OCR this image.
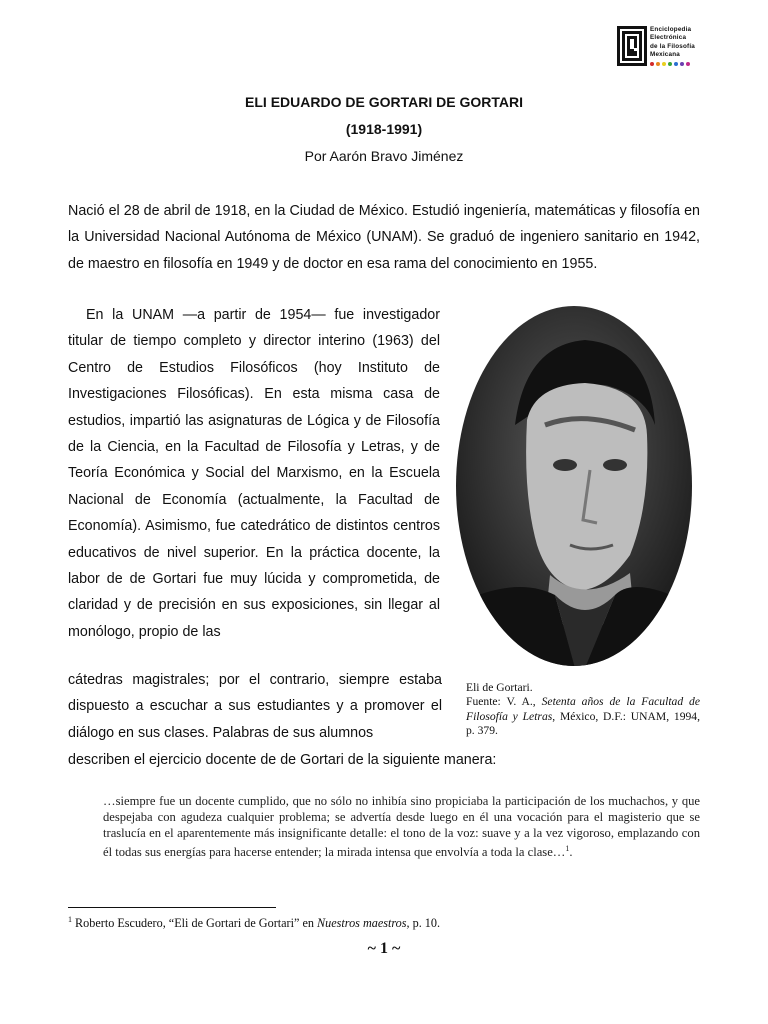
Enciclopedia
Electrónica
de la Filosofía
Mexicana
ELI EDUARDO DE GORTARI DE GORTARI
(1918-1991)
Por Aarón Bravo Jiménez
Nació el 28 de abril de 1918, en la Ciudad de México. Estudió ingeniería, matemáticas y filosofía en la Universidad Nacional Autónoma de México (UNAM). Se graduó de ingeniero sanitario en 1942, de maestro en filosofía en 1949 y de doctor en esa rama del conocimiento en 1955.
En la UNAM —a partir de 1954— fue investigador titular de tiempo completo y director interino (1963) del Centro de Estudios Filosóficos (hoy Instituto de Investigaciones Filosóficas). En esta misma casa de estudios, impartió las asignaturas de Lógica y de Filosofía de la Ciencia, en la Facultad de Filosofía y Letras, y de Teoría Económica y Social del Marxismo, en la Escuela Nacional de Economía (actualmente, la Facultad de Economía). Asimismo, fue catedrático de distintos centros educativos de nivel superior. En la práctica docente, la labor de de Gortari fue muy lúcida y comprometida, de claridad y de precisión en sus exposiciones, sin llegar al monólogo, propio de las
Eli de Gortari.
Fuente: V. A., Setenta años de la Facultad de Filosofía y Letras, México, D.F.: UNAM, 1994, p. 379.
cátedras magistrales; por el contrario, siempre estaba dispuesto a escuchar a sus estudiantes y a promover el diálogo en sus clases. Palabras de sus alumnos
describen el ejercicio docente de de Gortari de la siguiente manera:
…siempre fue un docente cumplido, que no sólo no inhibía sino propiciaba la participación de los muchachos, y que despejaba con agudeza cualquier problema; se advertía desde luego en él una vocación para el magisterio que se traslucía en el aparentemente más insignificante detalle: el tono de la voz: suave y a la vez vigoroso, emplazando con él todas sus energías para hacerse entender; la mirada intensa que envolvía a toda la clase…$^1$.
$^1$ Roberto Escudero, “Eli de Gortari de Gortari” en Nuestros maestros, p. 10.
~ 1 ~
